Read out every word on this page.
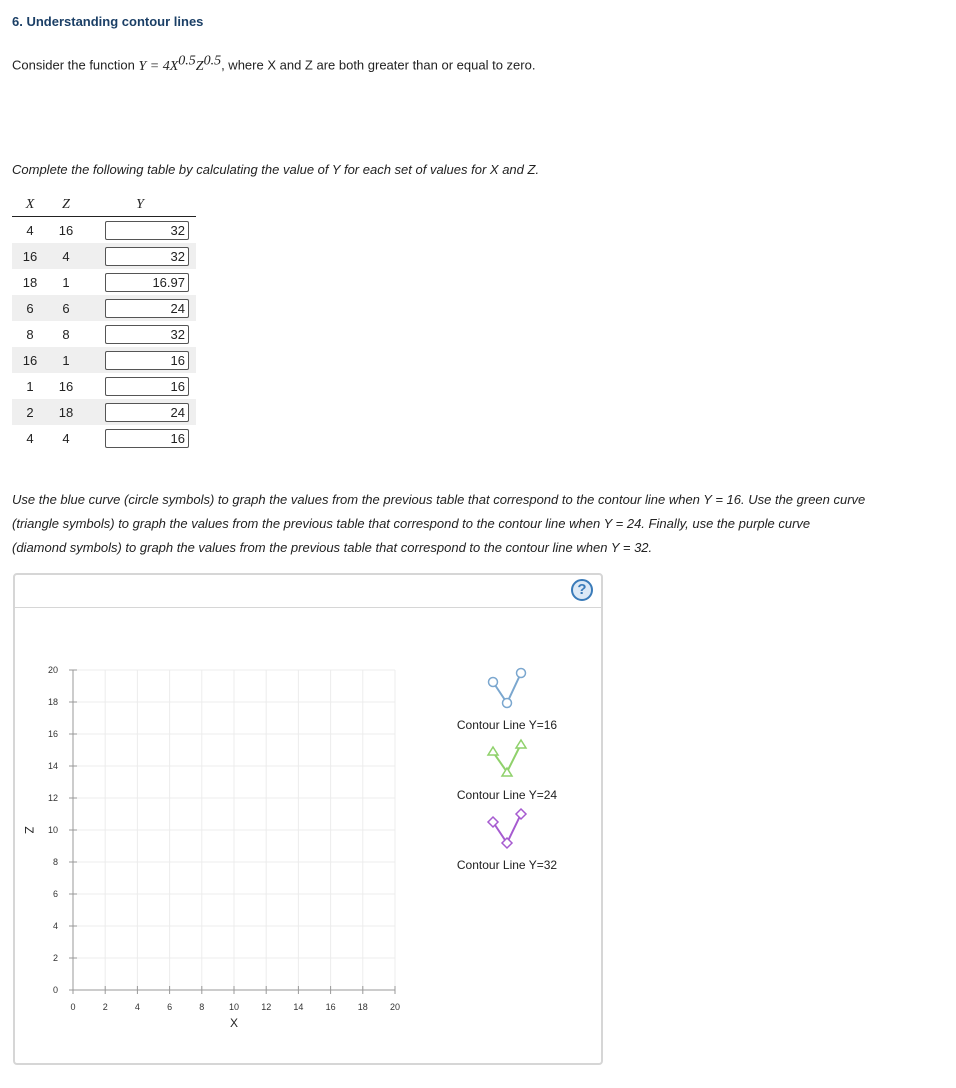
6. Understanding contour lines
Consider the function $Y = 4X^{0.5}Z^{0.5}$, where X and Z are both greater than or equal to zero.
Complete the following table by calculating the value of Y for each set of values for X and Z.
X	Z	Y
4	16	32
16	4	32
18	1	16.97
6	6	24
8	8	32
16	1	16
1	16	16
2	18	24
4	4	16
Use the blue curve (circle symbols) to graph the values from the previous table that correspond to the contour line when Y = 16. Use the green curve
(triangle symbols) to graph the values from the previous table that correspond to the contour line when Y = 24. Finally, use the purple curve
(diamond symbols) to graph the values from the previous table that correspond to the contour line when Y = 32.
?
0	2	4	6	8	10 12 14 16 18 20
0
2
4
6
8
10
12
14
16
18
20
X
Z
Contour Line Y=16
Contour Line Y=24
Contour Line Y=32
